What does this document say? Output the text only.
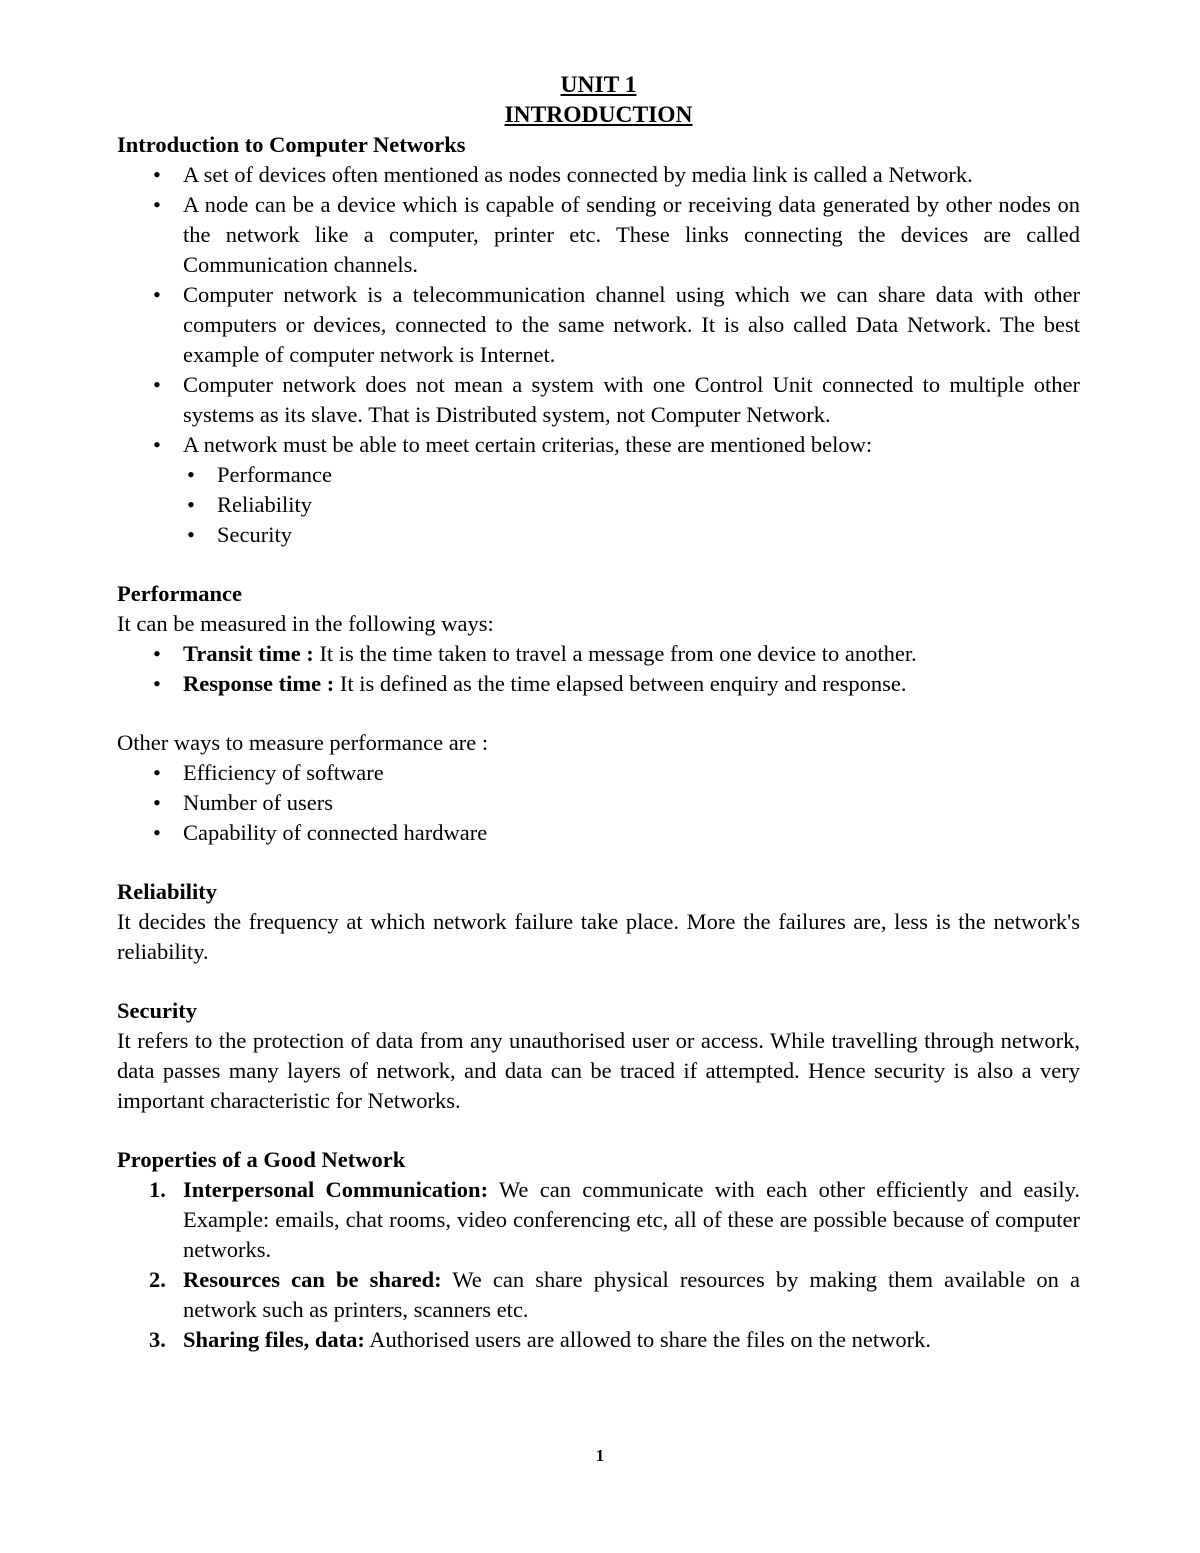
UNIT 1
INTRODUCTION

Introduction to Computer Networks

• A set of devices often mentioned as nodes connected by media link is called a Network.
• A node can be a device which is capable of sending or receiving data generated by other nodes on the network like a computer, printer etc. These links connecting the devices are called Communication channels.
• Computer network is a telecommunication channel using which we can share data with other computers or devices, connected to the same network. It is also called Data Network. The best example of computer network is Internet.
• Computer network does not mean a system with one Control Unit connected to multiple other systems as its slave. That is Distributed system, not Computer Network.
• A network must be able to meet certain criterias, these are mentioned below:
• Performance
• Reliability
• Security

Performance

It can be measured in the following ways:

• Transit time : It is the time taken to travel a message from one device to another.
• Response time : It is defined as the time elapsed between enquiry and response.

Other ways to measure performance are :

• Efficiency of software
• Number of users
• Capability of connected hardware

Reliability

It decides the frequency at which network failure take place. More the failures are, less is the network's reliability.

Security

It refers to the protection of data from any unauthorised user or access. While travelling through network, data passes many layers of network, and data can be traced if attempted. Hence security is also a very important characteristic for Networks.

Properties of a Good Network

1. Interpersonal Communication: We can communicate with each other efficiently and easily. Example: emails, chat rooms, video conferencing etc, all of these are possible because of computer networks.
2. Resources can be shared: We can share physical resources by making them available on a network such as printers, scanners etc.
3. Sharing files, data: Authorised users are allowed to share the files on the network.
1
